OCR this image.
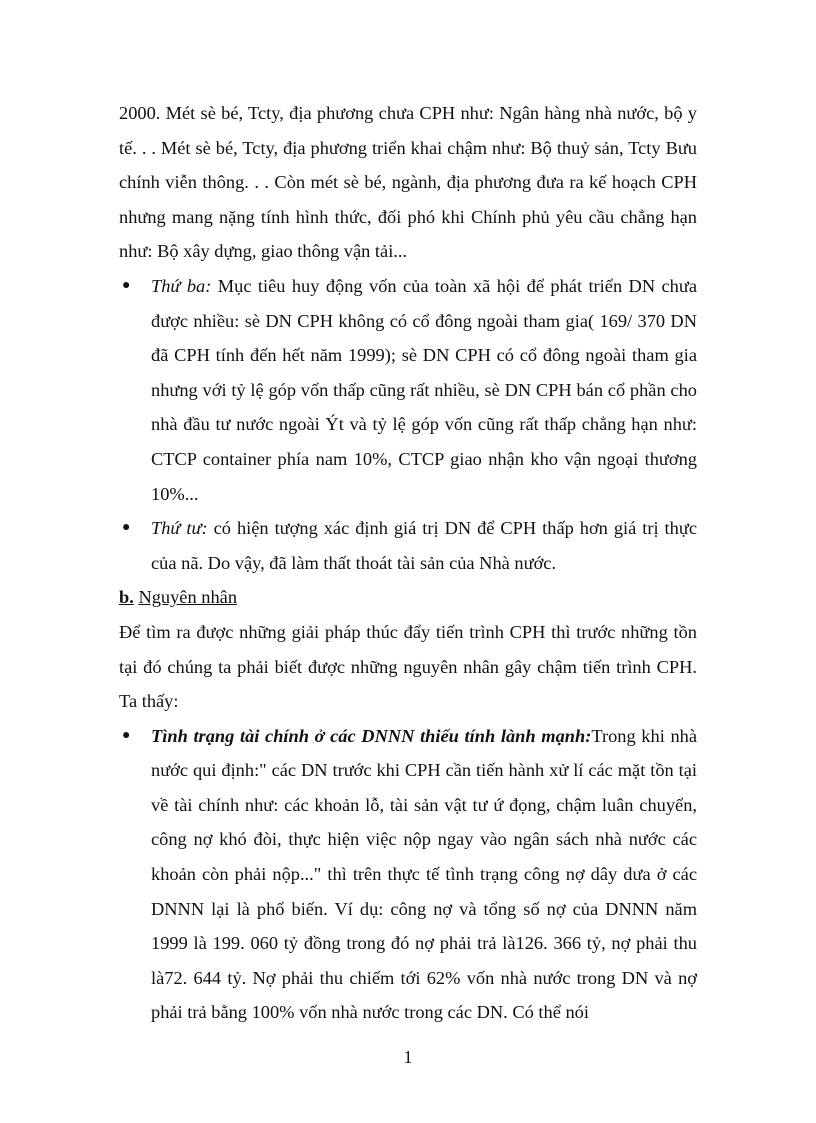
2000. Mét sè bé, Tcty, địa phương chưa CPH như: Ngân hàng nhà nước, bộ y tế. . . Mét sè bé, Tcty, địa phương triển khai chậm như: Bộ thuỷ sản, Tcty Bưu chính viễn thông. . . Còn mét sè bé, ngành, địa phương đưa ra kế hoạch CPH nhưng mang nặng tính hình thức, đối phó khi Chính phủ yêu cầu chẳng hạn như: Bộ xây dựng, giao thông vận tải...

● Thứ ba: Mục tiêu huy động vốn của toàn xã hội để phát triển DN chưa được nhiều: sè DN CPH không có cổ đông ngoài tham gia( 169/ 370 DN đã CPH tính đến hết năm 1999); sè DN CPH có cổ đông ngoài tham gia nhưng với tỷ lệ góp vốn thấp cũng rất nhiều, sè DN CPH bán cổ phần cho nhà đầu tư nước ngoài Ýt và tỷ lệ góp vốn cũng rất thấp chẳng hạn như: CTCP container phía nam 10%, CTCP giao nhận kho vận ngoại thương 10%...
● Thứ tư: có hiện tượng xác định giá trị DN để CPH thấp hơn giá trị thực của nã. Do vậy, đã làm thất thoát tài sản của Nhà nước.

b. Nguyên nhân

Để tìm ra được những giải pháp thúc đẩy tiến trình CPH thì trước những tồn tại đó chúng ta phải biết được những nguyên nhân gây chậm tiến trình CPH. Ta thấy:

● Tình trạng tài chính ở các DNNN thiếu tính lành mạnh:Trong khi nhà nước qui định:" các DN trước khi CPH cần tiến hành xử lí các mặt tồn tại về tài chính như: các khoản lỗ, tài sản vật tư ứ đọng, chậm luân chuyển, công nợ khó đòi, thực hiện việc nộp ngay vào ngân sách nhà nước các khoản còn phải nộp..." thì trên thực tế tình trạng công nợ dây dưa ở các DNNN lại là phổ biến. Ví dụ: công nợ và tổng số nợ của DNNN năm 1999 là 199. 060 tỷ đồng trong đó nợ phải trả là126. 366 tỷ, nợ phải thu là72. 644 tỷ. Nợ phải thu chiếm tới 62% vốn nhà nước trong DN và nợ phải trả bằng 100% vốn nhà nước trong các DN. Có thể nói
1
